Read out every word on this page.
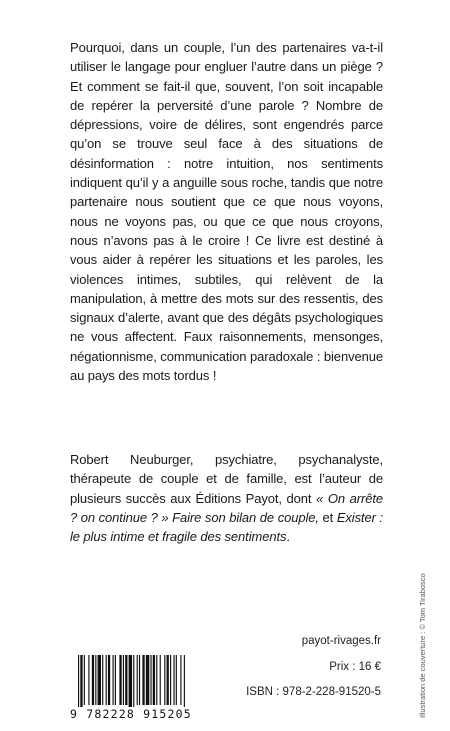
Pourquoi, dans un couple, l’un des partenaires va-t-il utiliser le langage pour engluer l’autre dans un piège ? Et comment se fait-il que, souvent, l’on soit incapable de repérer la perversité d’une parole ? Nombre de dépressions, voire de délires, sont engendrés parce qu’on se trouve seul face à des situations de désinformation : notre intuition, nos sentiments indiquent qu’il y a anguille sous roche, tandis que notre partenaire nous soutient que ce que nous voyons, nous ne voyons pas, ou que ce que nous croyons, nous n’avons pas à le croire ! Ce livre est destiné à vous aider à repérer les situations et les paroles, les violences intimes, subtiles, qui relèvent de la manipulation, à mettre des mots sur des ressentis, des signaux d’alerte, avant que des dégâts psychologiques ne vous affectent. Faux raisonnements, mensonges, négationnisme, communication paradoxale : bienvenue au pays des mots tordus !

Robert Neuburger, psychiatre, psychanalyste, thérapeute de couple et de famille, est l’auteur de plusieurs succès aux Éditions Payot, dont « On arrête ? on continue ? » Faire son bilan de couple, et Exister : le plus intime et fragile des sentiments.

Illustration de couverture : © Tom Tirabosco
payot-rivages.fr
Prix : 16 €
ISBN : 978-2-228-91520-5
9 782228 915205
